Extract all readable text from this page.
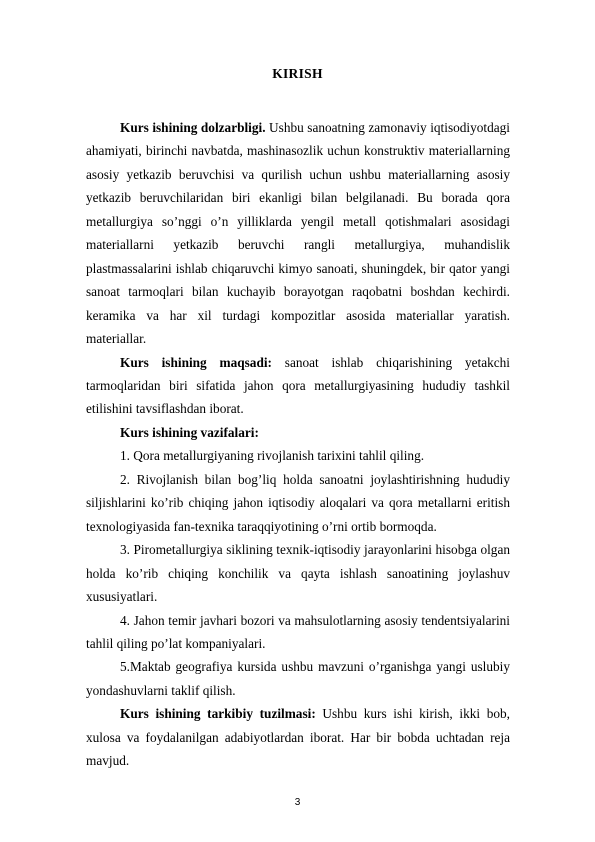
KIRISH

Kurs ishining dolzarbligi. Ushbu sanoatning zamonaviy iqtisodiyotdagi ahamiyati, birinchi navbatda, mashinasozlik uchun konstruktiv materiallarning asosiy yetkazib beruvchisi va qurilish uchun ushbu materiallarning asosiy yetkazib beruvchilaridan biri ekanligi bilan belgilanadi. Bu borada qora metallurgiya so’nggi o’n yilliklarda yengil metall qotishmalari asosidagi materiallarni yetkazib beruvchi rangli metallurgiya, muhandislik plastmassalarini ishlab chiqaruvchi kimyo sanoati, shuningdek, bir qator yangi sanoat tarmoqlari bilan kuchayib borayotgan raqobatni boshdan kechirdi. keramika va har xil turdagi kompozitlar asosida materiallar yaratish. materiallar.

Kurs ishining maqsadi: sanoat ishlab chiqarishining yetakchi tarmoqlaridan biri sifatida jahon qora metallurgiyasining hududiy tashkil etilishini tavsiflashdan iborat.

Kurs ishining vazifalari:

1. Qora metallurgiyaning rivojlanish tarixini tahlil qiling.

2. Rivojlanish bilan bog’liq holda sanoatni joylashtirishning hududiy siljishlarini ko’rib chiqing jahon iqtisodiy aloqalari va qora metallarni eritish texnologiyasida fan-texnika taraqqiyotining o’rni ortib bormoqda.

3. Pirometallurgiya siklining texnik-iqtisodiy jarayonlarini hisobga olgan holda ko’rib chiqing konchilik va qayta ishlash sanoatining joylashuv xususiyatlari.

4. Jahon temir javhari bozori va mahsulotlarning asosiy tendentsiyalarini tahlil qiling po’lat kompaniyalari.

5.Maktab geografiya kursida ushbu mavzuni o’rganishga yangi uslubiy yondashuvlarni taklif qilish.

Kurs ishining tarkibiy tuzilmasi: Ushbu kurs ishi kirish, ikki bob, xulosa va foydalanilgan adabiyotlardan iborat. Har bir bobda uchtadan reja mavjud.

3
